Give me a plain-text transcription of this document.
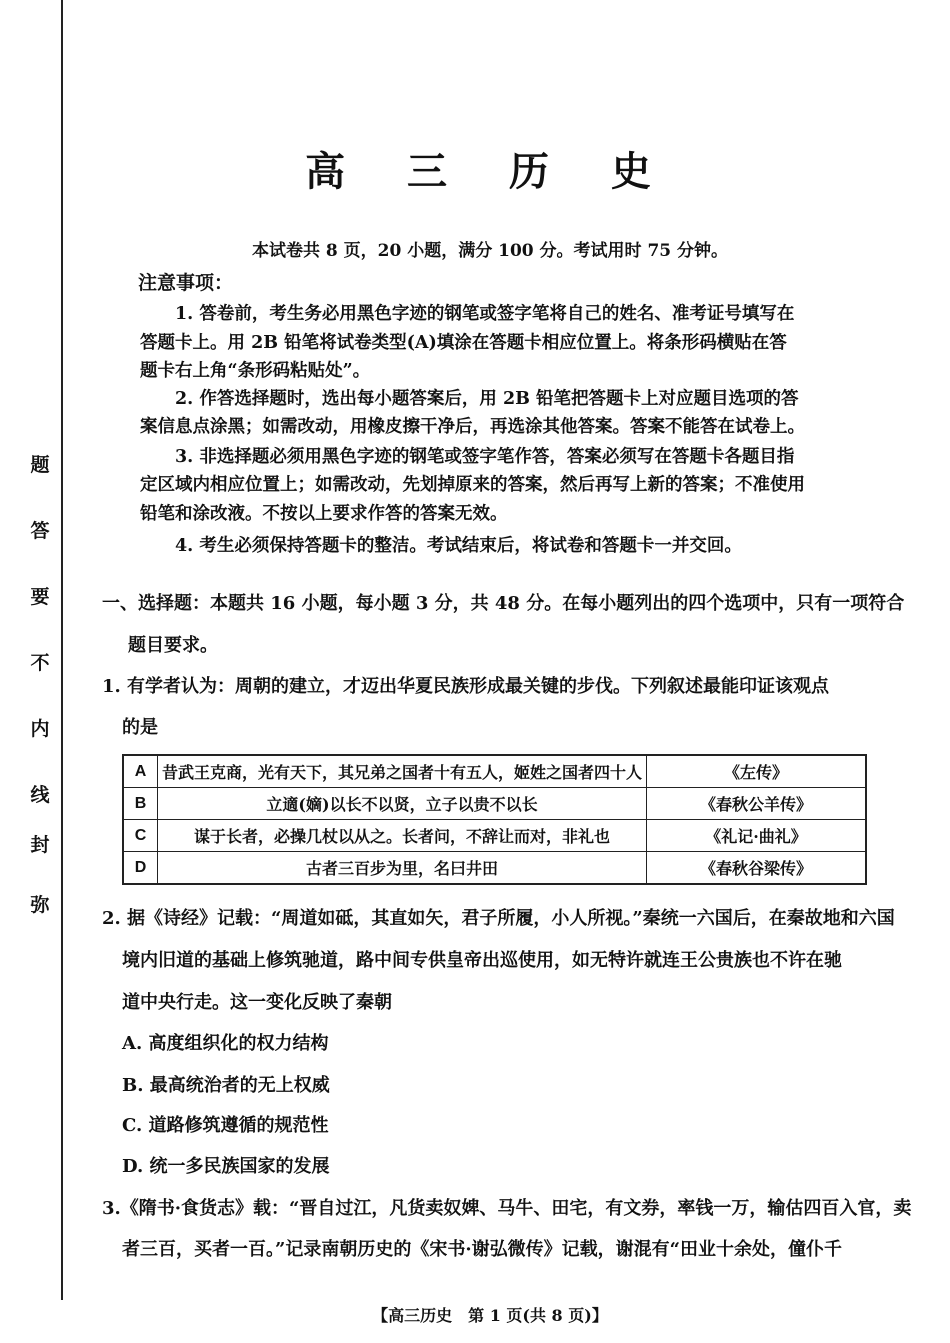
题
答
要
不
内
线
封
弥
高 三 历 史
本试卷共 8 页，20 小题，满分 100 分。考试用时 75 分钟。
注意事项：
1. 答卷前，考生务必用黑色字迹的钢笔或签字笔将自己的姓名、准考证号填写在
答题卡上。用 2B 铅笔将试卷类型(A)填涂在答题卡相应位置上。将条形码横贴在答
题卡右上角“条形码粘贴处”。
2. 作答选择题时，选出每小题答案后，用 2B 铅笔把答题卡上对应题目选项的答
案信息点涂黑；如需改动，用橡皮擦干净后，再选涂其他答案。答案不能答在试卷上。
3. 非选择题必须用黑色字迹的钢笔或签字笔作答，答案必须写在答题卡各题目指
定区域内相应位置上；如需改动，先划掉原来的答案，然后再写上新的答案；不准使用
铅笔和涂改液。不按以上要求作答的答案无效。
4. 考生必须保持答题卡的整洁。考试结束后，将试卷和答题卡一并交回。
一、选择题：本题共 16 小题，每小题 3 分，共 48 分。在每小题列出的四个选项中，只有一项符合
题目要求。
1. 有学者认为：周朝的建立，才迈出华夏民族形成最关键的步伐。下列叙述最能印证该观点
的是
A	昔武王克商，光有天下，其兄弟之国者十有五人，姬姓之国者四十人	《左传》
B	立適(嫡)以长不以贤，立子以贵不以长	《春秋公羊传》
C	谋于长者，必操几杖以从之。长者问，不辞让而对，非礼也	《礼记·曲礼》
D	古者三百步为里，名曰井田	《春秋谷梁传》
2. 据《诗经》记载：“周道如砥，其直如矢，君子所履，小人所视。”秦统一六国后，在秦故地和六国
境内旧道的基础上修筑驰道，路中间专供皇帝出巡使用，如无特许就连王公贵族也不许在驰
道中央行走。这一变化反映了秦朝
A. 高度组织化的权力结构
B. 最高统治者的无上权威
C. 道路修筑遵循的规范性
D. 统一多民族国家的发展
3.《隋书·食货志》载：“晋自过江，凡货卖奴婢、马牛、田宅，有文券，率钱一万，输估四百入官，卖
者三百，买者一百。”记录南朝历史的《宋书·谢弘微传》记载，谢混有“田业十余处，僮仆千
【高三历史　第 1 页(共 8 页)】
